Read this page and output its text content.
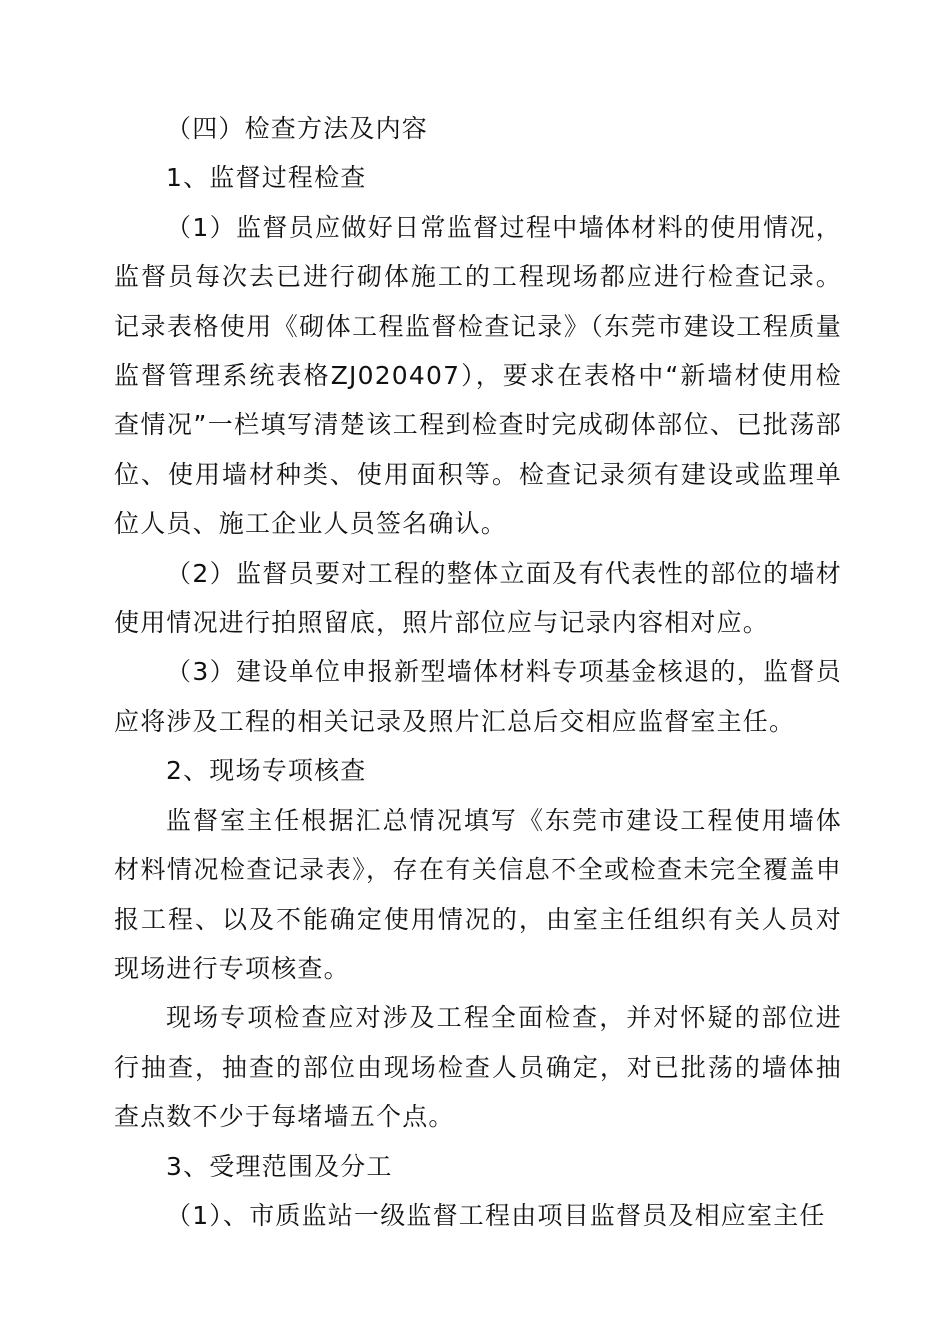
（四）检查方法及内容

1、监督过程检查

（1）监督员应做好日常监督过程中墙体材料的使用情况，监督员每次去已进行砌体施工的工程现场都应进行检查记录。记录表格使用《砌体工程监督检查记录》（东莞市建设工程质量监督管理系统表格ZJ020407），要求在表格中“新墙材使用检查情况”一栏填写清楚该工程到检查时完成砌体部位、已批荡部位、使用墙材种类、使用面积等。检查记录须有建设或监理单位人员、施工企业人员签名确认。

（2）监督员要对工程的整体立面及有代表性的部位的墙材使用情况进行拍照留底，照片部位应与记录内容相对应。

（3）建设单位申报新型墙体材料专项基金核退的，监督员应将涉及工程的相关记录及照片汇总后交相应监督室主任。

2、现场专项核查

监督室主任根据汇总情况填写《东莞市建设工程使用墙体材料情况检查记录表》，存在有关信息不全或检查未完全覆盖申报工程、以及不能确定使用情况的，由室主任组织有关人员对现场进行专项核查。

现场专项检查应对涉及工程全面检查，并对怀疑的部位进行抽查，抽查的部位由现场检查人员确定，对已批荡的墙体抽查点数不少于每堵墙五个点。

3、受理范围及分工

（1）、市质监站一级监督工程由项目监督员及相应室主任
